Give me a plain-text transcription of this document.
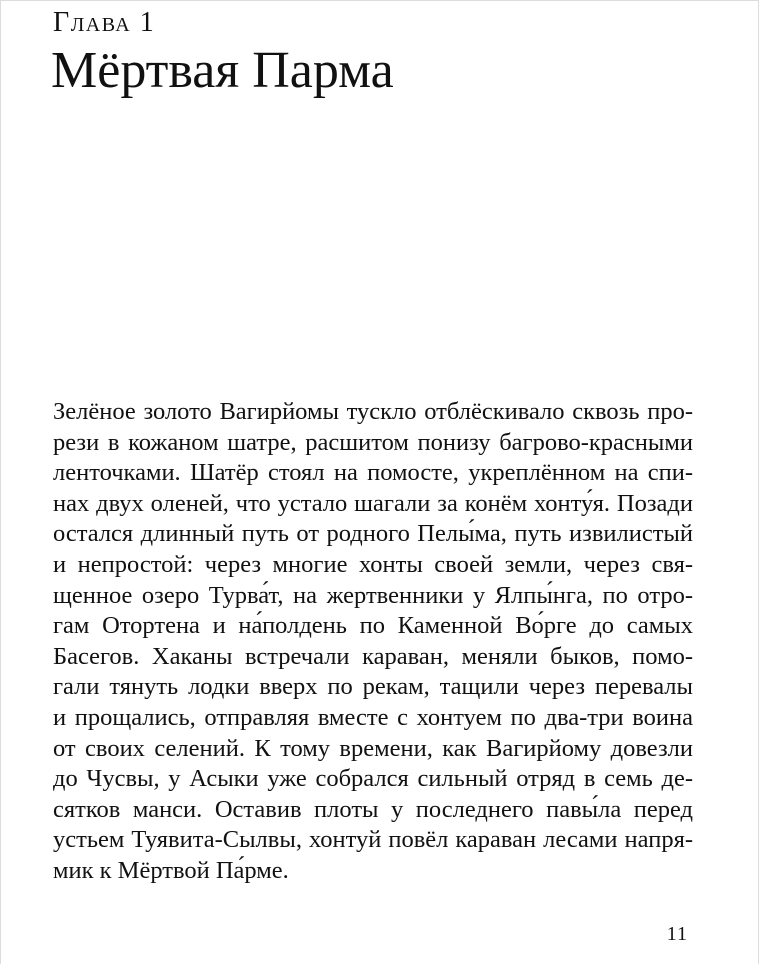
Глава 1
Мёртвая Парма
Зелёное золото Вагирйомы тускло отблёскивало сквозь про-
рези в кожаном шатре, расшитом понизу багрово-красными
ленточками. Шатёр стоял на помосте, укреплённом на спи-
нах двух оленей, что устало шагали за конём хонту́я. Позади
остался длинный путь от родного Пелы́ма, путь извилистый
и непростой: через многие хонты своей земли, через свя-
щенное озеро Турва́т, на жертвенники у Ялпы́нга, по отро-
гам Отортена и на́полдень по Каменной Во́рге до самых
Басегов. Хаканы встречали караван, меняли быков, помо-
гали тянуть лодки вверх по рекам, тащили через перевалы
и прощались, отправляя вместе с хонтуем по два-три воина
от своих селений. К тому времени, как Вагирйому довезли
до Чусвы, у Асыки уже собрался сильный отряд в семь де-
сятков манси. Оставив плоты у последнего павы́ла перед
устьем Туявита-Сылвы, хонтуй повёл караван лесами напря-
мик к Мёртвой Па́рме.
11
